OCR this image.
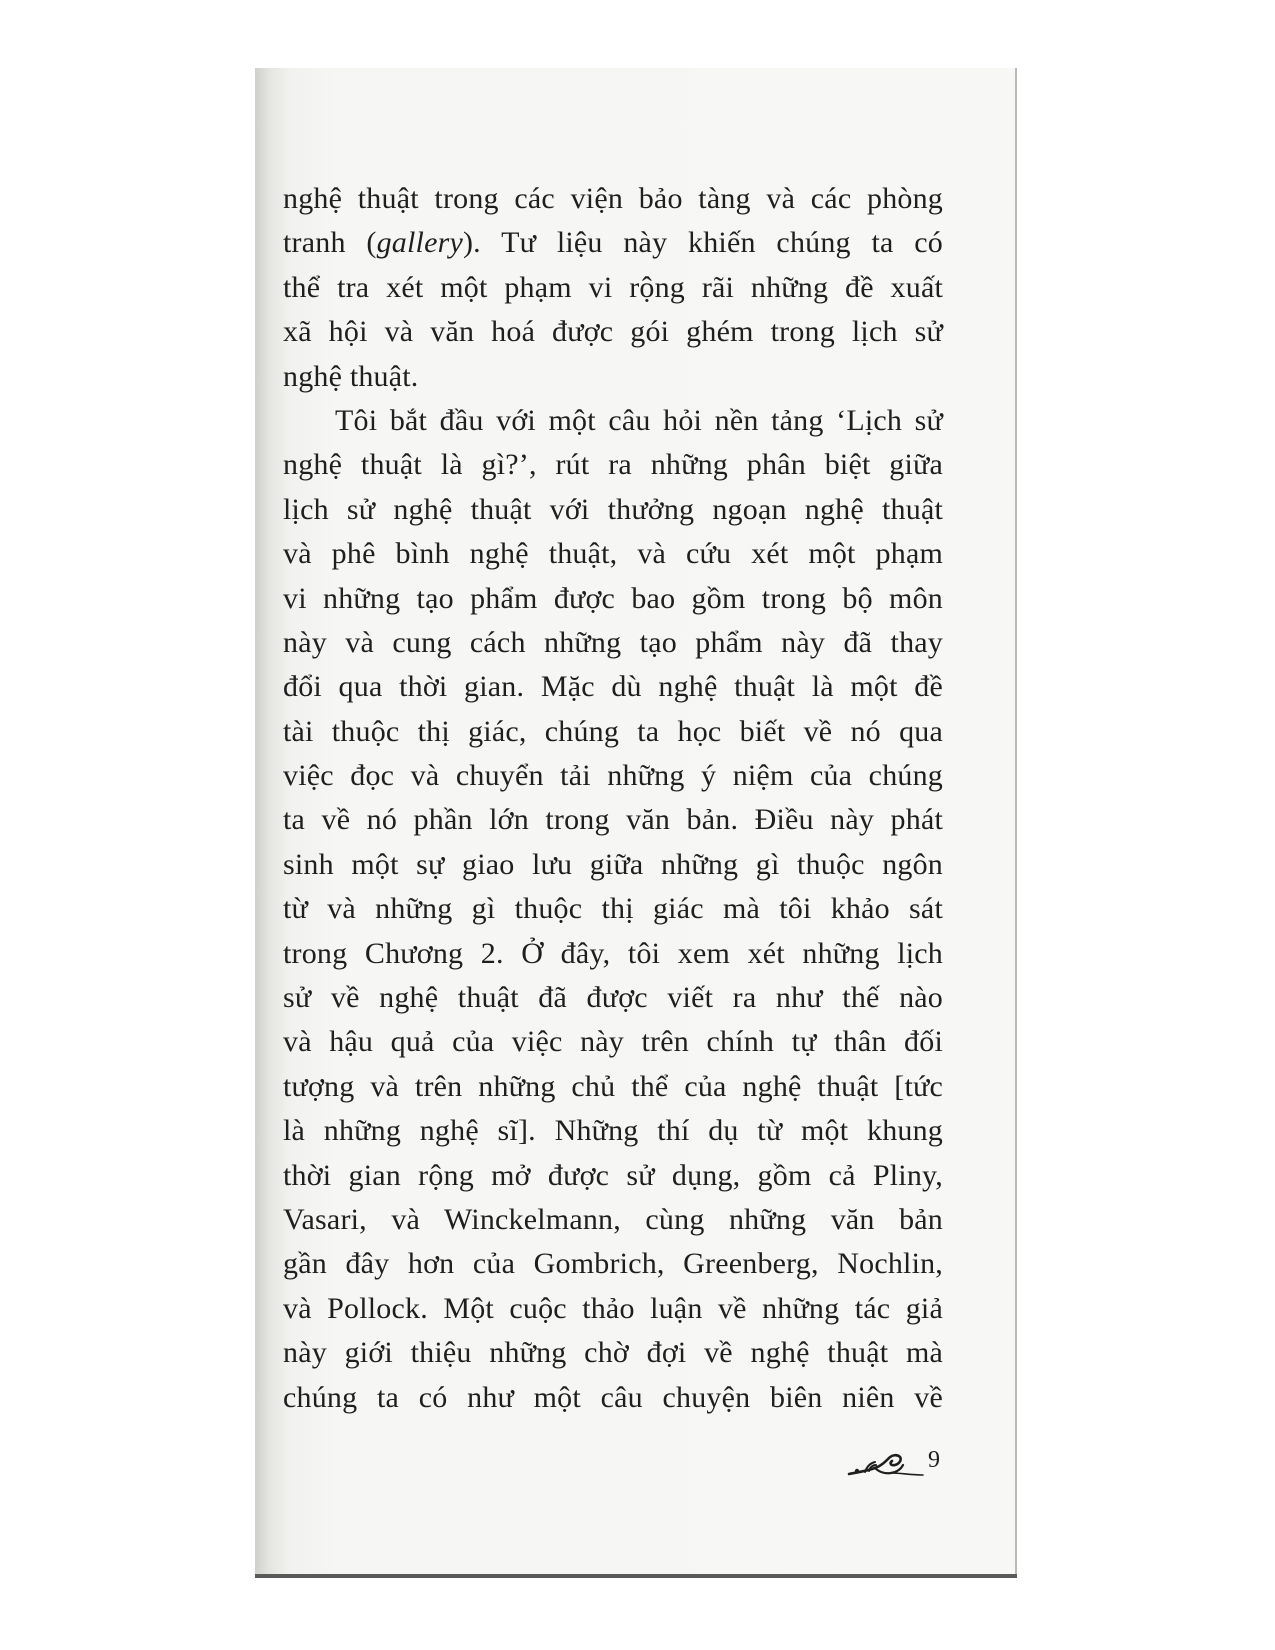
nghệ thuật trong các viện bảo tàng và các phòng
tranh (gallery). Tư liệu này khiến chúng ta có
thể tra xét một phạm vi rộng rãi những đề xuất
xã hội và văn hoá được gói ghém trong lịch sử
nghệ thuật.
Tôi bắt đầu với một câu hỏi nền tảng ‘Lịch sử
nghệ thuật là gì?’, rút ra những phân biệt giữa
lịch sử nghệ thuật với thưởng ngoạn nghệ thuật
và phê bình nghệ thuật, và cứu xét một phạm
vi những tạo phẩm được bao gồm trong bộ môn
này và cung cách những tạo phẩm này đã thay
đổi qua thời gian. Mặc dù nghệ thuật là một đề
tài thuộc thị giác, chúng ta học biết về nó qua
việc đọc và chuyển tải những ý niệm của chúng
ta về nó phần lớn trong văn bản. Điều này phát
sinh một sự giao lưu giữa những gì thuộc ngôn
từ và những gì thuộc thị giác mà tôi khảo sát
trong Chương 2. Ở đây, tôi xem xét những lịch
sử về nghệ thuật đã được viết ra như thế nào
và hậu quả của việc này trên chính tự thân đối
tượng và trên những chủ thể của nghệ thuật [tức
là những nghệ sĩ]. Những thí dụ từ một khung
thời gian rộng mở được sử dụng, gồm cả Pliny,
Vasari, và Winckelmann, cùng những văn bản
gần đây hơn của Gombrich, Greenberg, Nochlin,
và Pollock. Một cuộc thảo luận về những tác giả
này giới thiệu những chờ đợi về nghệ thuật mà
chúng ta có như một câu chuyện biên niên về
9
